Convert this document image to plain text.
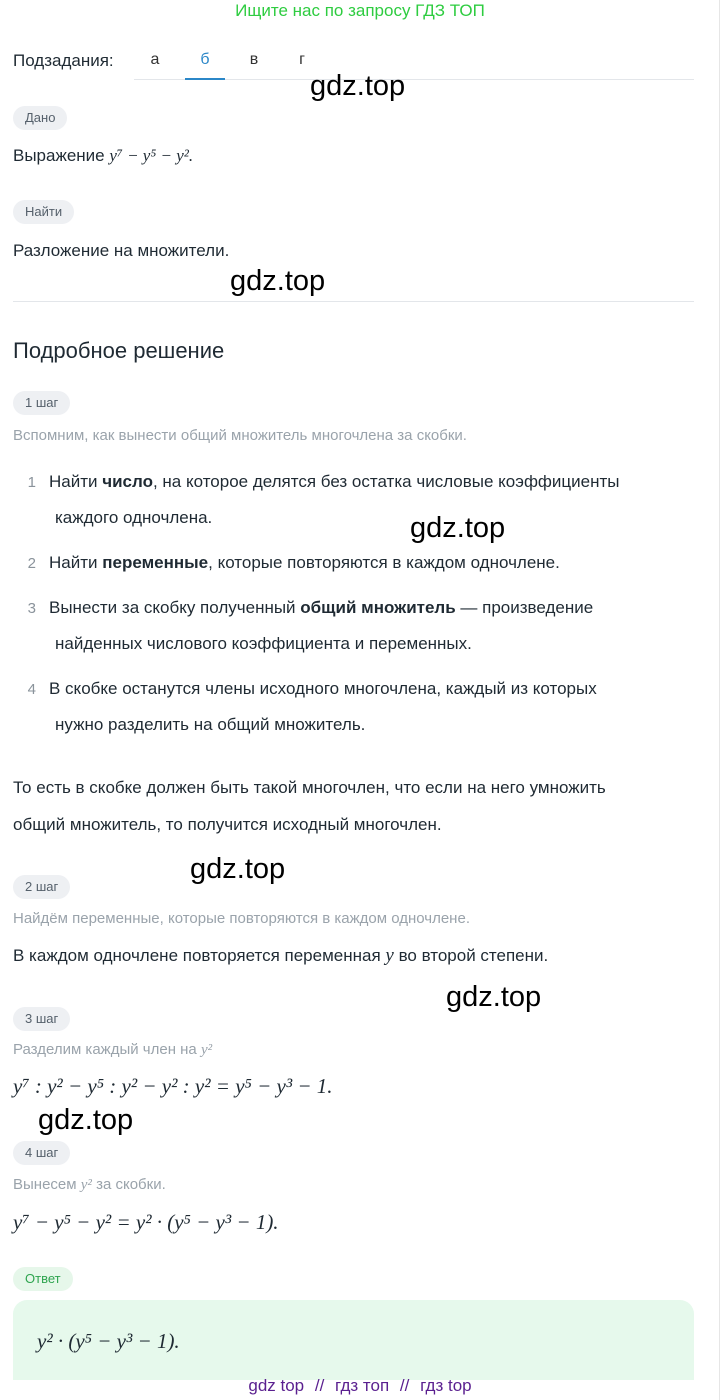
Ищите нас по запросу ГДЗ ТОП
Подзадания:	а	б	в	г
gdz.top
Дано
Выражение y⁷ − y⁵ − y².
Найти
Разложение на множители.
gdz.top
Подробное решение
1 шаг
Вспомним, как вынести общий множитель многочлена за скобки.
1 Найти число, на которое делятся без остатка числовые коэффициенты
каждого одночлена.	gdz.top
2 Найти переменные, которые повторяются в каждом одночлене.
3 Вынести за скобку полученный общий множитель — произведение
найденных числового коэффициента и переменных.
4 В скобке останутся члены исходного многочлена, каждый из которых
нужно разделить на общий множитель.
То есть в скобке должен быть такой многочлен, что если на него умножить
общий множитель, то получится исходный многочлен.
gdz.top
2 шаг
Найдём переменные, которые повторяются в каждом одночлене.
В каждом одночлене повторяется переменная y во второй степени.
gdz.top
3 шаг
Разделим каждый член на y²
y⁷ : y² − y⁵ : y² − y² : y² = y⁵ − y³ − 1.
gdz.top
4 шаг
Вынесем y² за скобки.
y⁷ − y⁵ − y² = y² · (y⁵ − y³ − 1).
Ответ
y² · (y⁵ − y³ − 1).
gdz top // гдз топ // гдз top
